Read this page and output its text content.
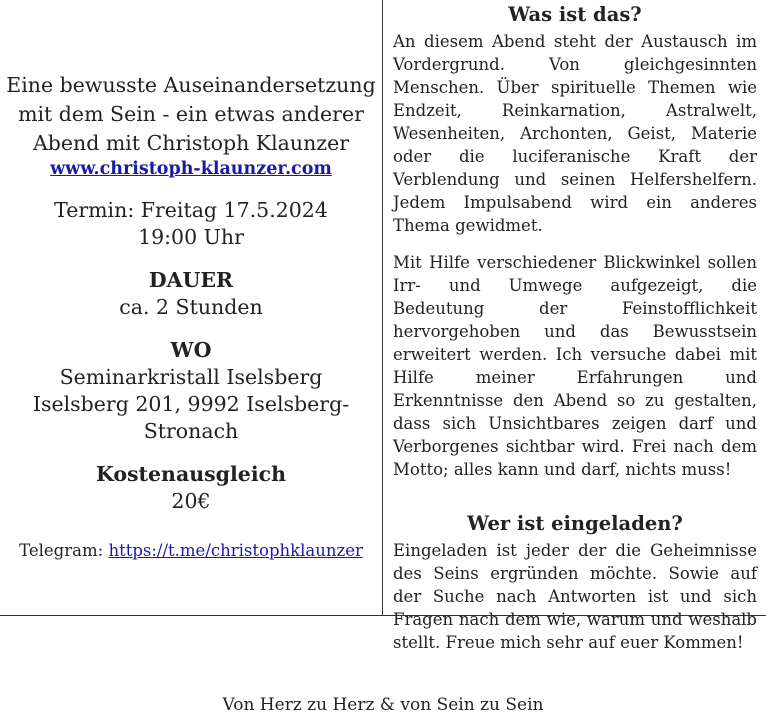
Eine bewusste Auseinandersetzung mit dem Sein - ein etwas anderer Abend mit Christoph Klaunzer
www.christoph-klaunzer.com
Termin: Freitag 17.5.2024
19:00 Uhr
DAUER
ca. 2 Stunden
WO
Seminarkristall Iselsberg
Iselsberg 201, 9992 Iselsberg-Stronach
Kostenausgleich
20€
Telegram: https://t.me/christophklaunzer
Was ist das?

An diesem Abend steht der Austausch im Vordergrund. Von gleichgesinnten Menschen. Über spirituelle Themen wie Endzeit, Reinkarnation, Astralwelt, Wesenheiten, Archonten, Geist, Materie oder die luciferanische Kraft der Verblendung und seinen Helfershelfern. Jedem Impulsabend wird ein anderes Thema gewidmet.

Mit Hilfe verschiedener Blickwinkel sollen Irr- und Umwege aufgezeigt, die Bedeutung der Feinstofflichkeit hervorgehoben und das Bewusstsein erweitert werden. Ich versuche dabei mit Hilfe meiner Erfahrungen und Erkenntnisse den Abend so zu gestalten, dass sich Unsichtbares zeigen darf und Verborgenes sichtbar wird. Frei nach dem Motto; alles kann und darf, nichts muss!

Wer ist eingeladen?

Eingeladen ist jeder der die Geheimnisse des Seins ergründen möchte. Sowie auf der Suche nach Antworten ist und sich Fragen nach dem wie, warum und weshalb stellt. Freue mich sehr auf euer Kommen!

Von Herz zu Herz & von Sein zu Sein
